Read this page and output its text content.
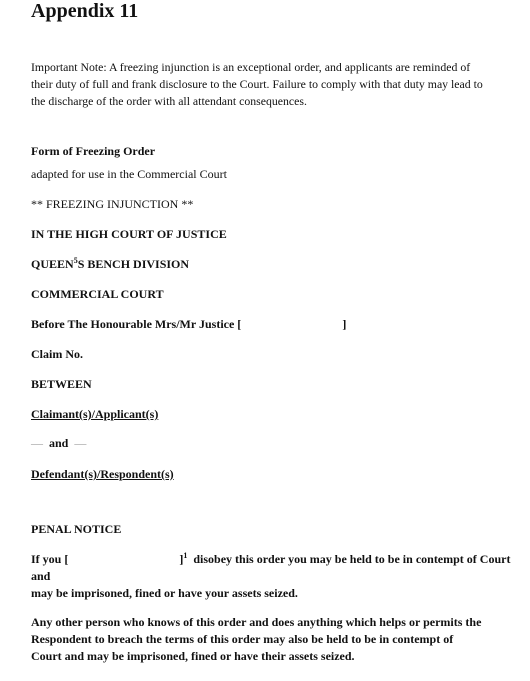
Appendix 11

Important Note: A freezing injunction is an exceptional order, and applicants are reminded of their duty of full and frank disclosure to the Court. Failure to comply with that duty may lead to the discharge of the order with all attendant consequences.

Form of Freezing Order

adapted for use in the Commercial Court

** FREEZING INJUNCTION **

IN THE HIGH COURT OF JUSTICE

QUEEN$^5$S BENCH DIVISION

COMMERCIAL COURT

Before The Honourable Mrs/Mr Justice [	]

Claim No.

BETWEEN

Claimant(s)/Applicant(s)

— and —

Defendant(s)/Respondent(s)

PENAL NOTICE

If you [	]$^1$ disobey this order you may be held to be in contempt of Court

and

may be imprisoned, fined or have your assets seized.

Any other person who knows of this order and does anything which helps or permits the Respondent to breach the terms of this order may also be held to be in contempt of Court and may be imprisoned, fined or have their assets seized.
